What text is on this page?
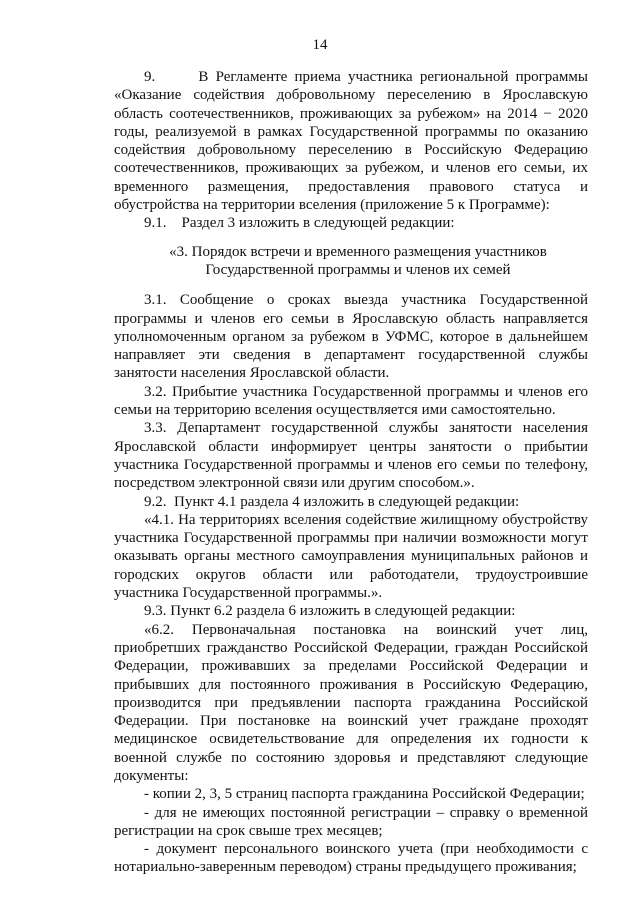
14

9.      В Регламенте приема участника региональной программы «Оказание содействия добровольному переселению в Ярославскую область соотечественников, проживающих за рубежом» на 2014 − 2020 годы, реализуемой в рамках Государственной программы по оказанию содействия добровольному переселению в Российскую Федерацию соотечественников, проживающих за рубежом, и членов его семьи, их временного размещения, предоставления правового статуса и обустройства на территории вселения (приложение 5 к Программе):

9.1.    Раздел 3 изложить в следующей редакции:

«3. Порядок встречи и временного размещения участников
Государственной программы и членов их семей

3.1. Сообщение о сроках выезда участника Государственной программы и членов его семьи в Ярославскую область направляется уполномоченным органом за рубежом в УФМС, которое в дальнейшем направляет эти сведения в департамент государственной службы занятости населения Ярославской области.

3.2. Прибытие участника Государственной программы и членов его семьи на территорию вселения осуществляется ими самостоятельно.

3.3. Департамент государственной службы занятости населения Ярославской области информирует центры занятости о прибытии участника Государственной программы и членов его семьи по телефону, посредством электронной связи или другим способом.».

9.2.  Пункт 4.1 раздела 4 изложить в следующей редакции:

«4.1. На территориях вселения содействие жилищному обустройству участника Государственной программы при наличии возможности могут оказывать органы местного самоуправления муниципальных районов и городских округов области или работодатели, трудоустроившие участника Государственной программы.».

9.3. Пункт 6.2 раздела 6 изложить в следующей редакции:

«6.2. Первоначальная постановка на воинский учет лиц, приобретших гражданство Российской Федерации, граждан Российской Федерации, проживавших за пределами Российской Федерации и прибывших для постоянного проживания в Российскую Федерацию, производится при предъявлении паспорта гражданина Российской Федерации. При постановке на воинский учет граждане проходят медицинское освидетельствование для определения их годности к военной службе по состоянию здоровья и представляют следующие документы:

- копии 2, 3, 5 страниц паспорта гражданина Российской Федерации;

- для не имеющих постоянной регистрации – справку о временной регистрации на срок свыше трех месяцев;

- документ персонального воинского учета (при необходимости с нотариально-заверенным переводом) страны предыдущего проживания;
